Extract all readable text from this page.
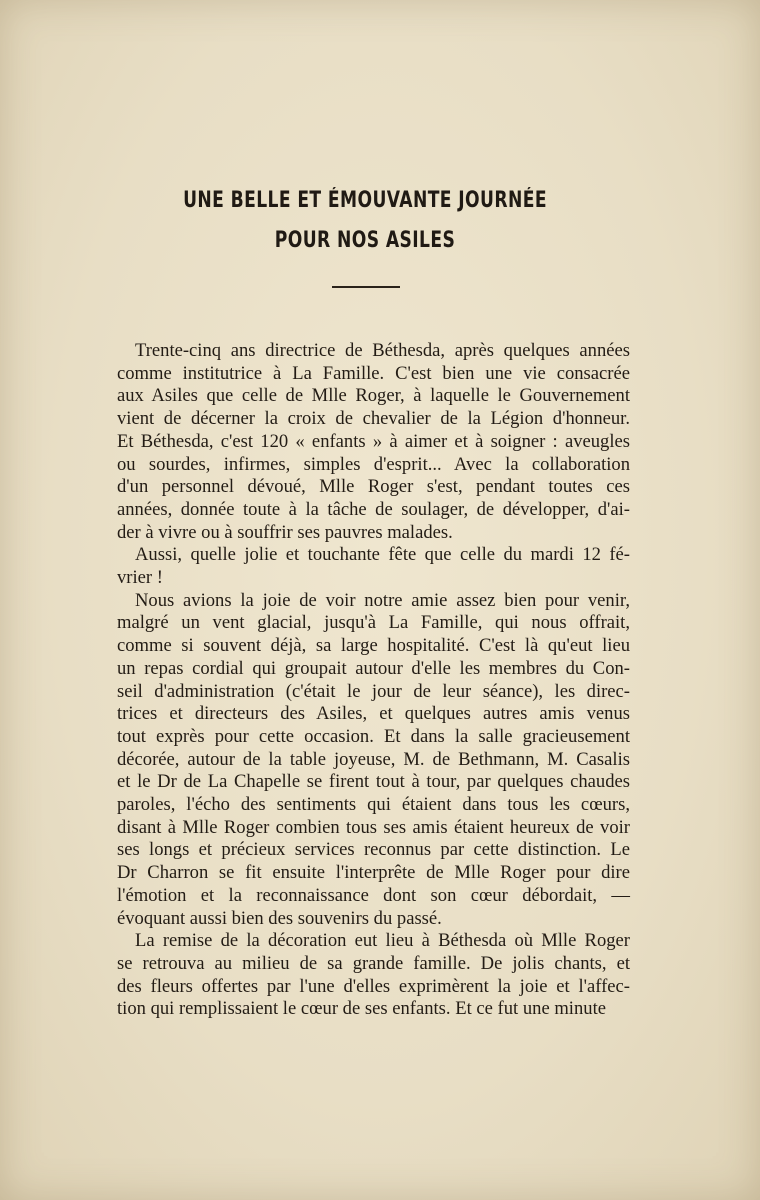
UNE BELLE ET ÉMOUVANTE JOURNÉE
POUR NOS ASILES
Trente-cinq ans directrice de Béthesda, après quelques années
comme institutrice à La Famille. C'est bien une vie consacrée
aux Asiles que celle de Mlle Roger, à laquelle le Gouvernement
vient de décerner la croix de chevalier de la Légion d'honneur.
Et Béthesda, c'est 120 « enfants » à aimer et à soigner : aveugles
ou sourdes, infirmes, simples d'esprit... Avec la collaboration
d'un personnel dévoué, Mlle Roger s'est, pendant toutes ces
années, donnée toute à la tâche de soulager, de développer, d'ai-
der à vivre ou à souffrir ses pauvres malades.
Aussi, quelle jolie et touchante fête que celle du mardi 12 fé-
vrier !
Nous avions la joie de voir notre amie assez bien pour venir,
malgré un vent glacial, jusqu'à La Famille, qui nous offrait,
comme si souvent déjà, sa large hospitalité. C'est là qu'eut lieu
un repas cordial qui groupait autour d'elle les membres du Con-
seil d'administration (c'était le jour de leur séance), les direc-
trices et directeurs des Asiles, et quelques autres amis venus
tout exprès pour cette occasion. Et dans la salle gracieusement
décorée, autour de la table joyeuse, M. de Bethmann, M. Casalis
et le Dr de La Chapelle se firent tout à tour, par quelques chaudes
paroles, l'écho des sentiments qui étaient dans tous les cœurs,
disant à Mlle Roger combien tous ses amis étaient heureux de voir
ses longs et précieux services reconnus par cette distinction. Le
Dr Charron se fit ensuite l'interprête de Mlle Roger pour dire
l'émotion et la reconnaissance dont son cœur débordait, —
évoquant aussi bien des souvenirs du passé.
La remise de la décoration eut lieu à Béthesda où Mlle Roger
se retrouva au milieu de sa grande famille. De jolis chants, et
des fleurs offertes par l'une d'elles exprimèrent la joie et l'affec-
tion qui remplissaient le cœur de ses enfants. Et ce fut une minute
